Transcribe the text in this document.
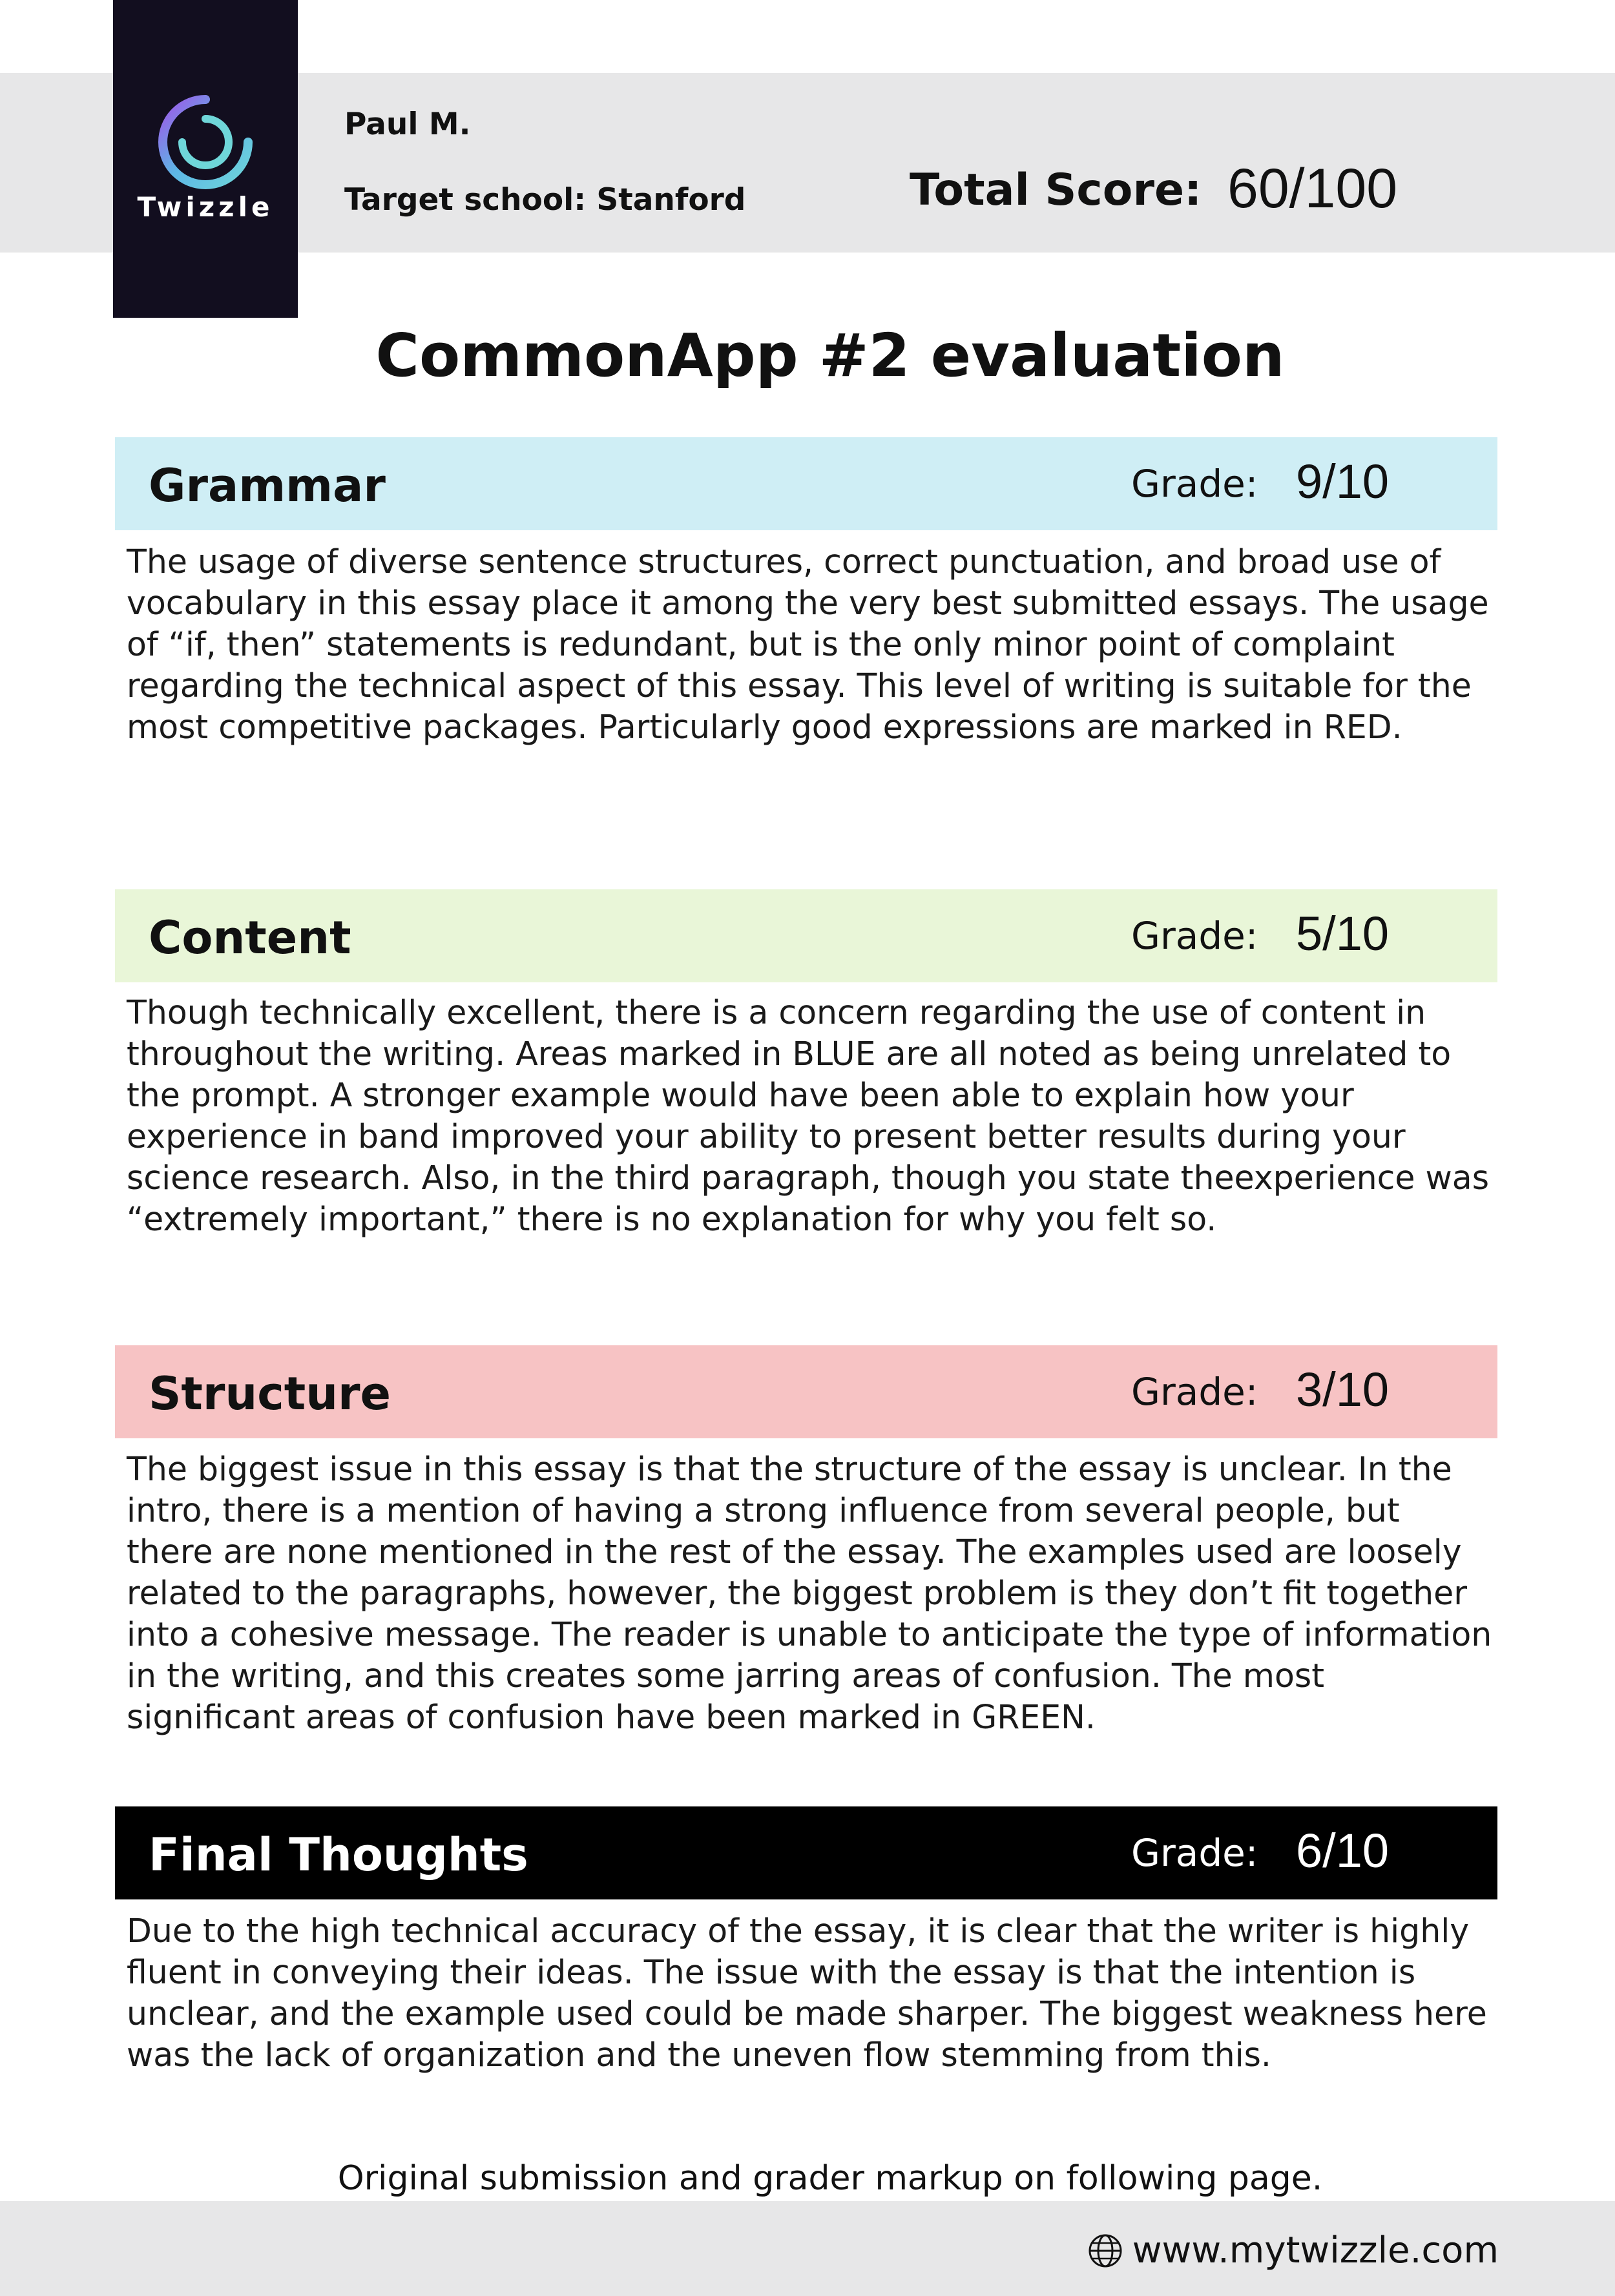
Twizzle
Paul M.
Target school: Stanford	Total Score: 60/100
CommonApp #2 evaluation
Grammar	Grade: 9/10

The usage of diverse sentence structures, correct punctuation, and broad use of vocabulary in this essay place it among the very best submitted essays. The usage of “if, then” statements is redundant, but is the only minor point of complaint regarding the technical aspect of this essay. This level of writing is suitable for the most competitive packages. Particularly good expressions are marked in RED.

Content	Grade: 5/10

Though technically excellent, there is a concern regarding the use of content in throughout the writing. Areas marked in BLUE are all noted as being unrelated to the prompt. A stronger example would have been able to explain how your experience in band improved your ability to present better results during your science research. Also, in the third paragraph, though you state theexperience was “extremely important,” there is no explanation for why you felt so.

Structure	Grade: 3/10

The biggest issue in this essay is that the structure of the essay is unclear. In the intro, there is a mention of having a strong influence from several people, but there are none mentioned in the rest of the essay. The examples used are loosely related to the paragraphs, however, the biggest problem is they don’t fit together into a cohesive message. The reader is unable to anticipate the type of information in the writing, and this creates some jarring areas of confusion. The most significant areas of confusion have been marked in GREEN.

Final Thoughts	Grade: 6/10

Due to the high technical accuracy of the essay, it is clear that the writer is highly fluent in conveying their ideas. The issue with the essay is that the intention is unclear, and the example used could be made sharper. The biggest weakness here was the lack of organization and the uneven flow stemming from this.

Original submission and grader markup on following page.
www.mytwizzle.com
